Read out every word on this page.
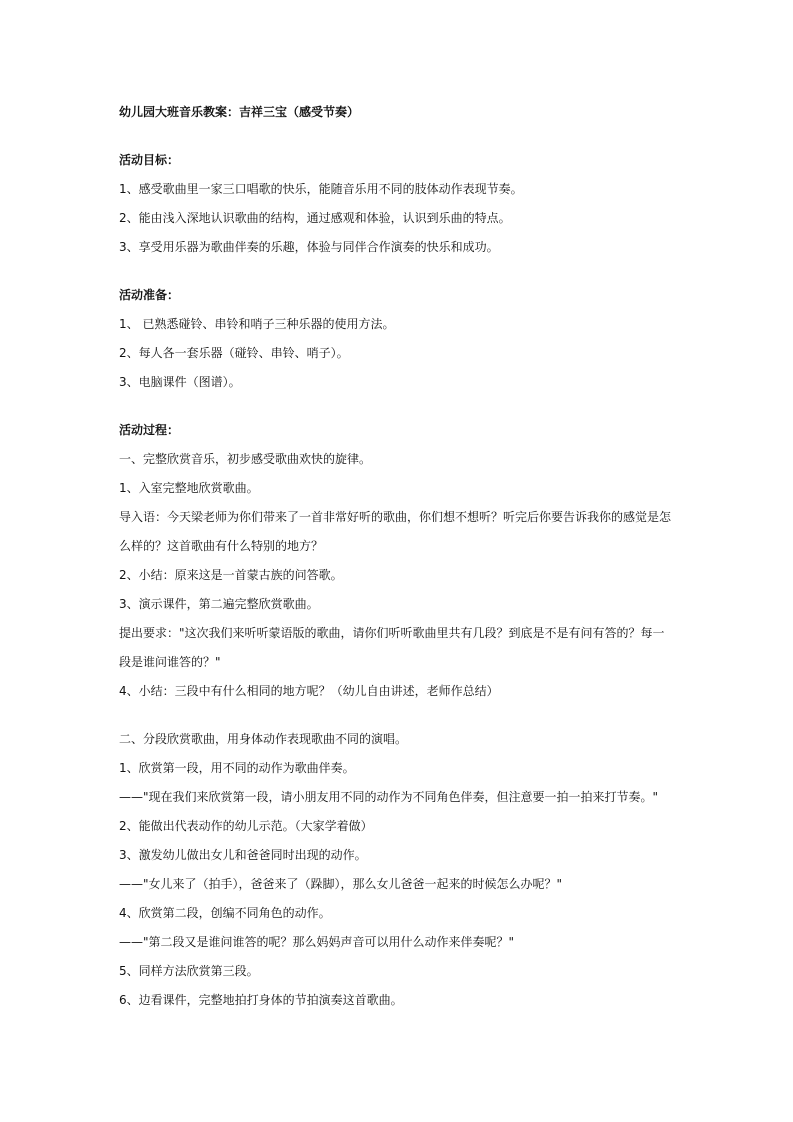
幼儿园大班音乐教案：吉祥三宝（感受节奏）
活动目标：
1、感受歌曲里一家三口唱歌的快乐，能随音乐用不同的肢体动作表现节奏。
2、能由浅入深地认识歌曲的结构，通过感观和体验，认识到乐曲的特点。
3、享受用乐器为歌曲伴奏的乐趣，体验与同伴合作演奏的快乐和成功。
活动准备：
1、 已熟悉碰铃、串铃和哨子三种乐器的使用方法。
2、每人各一套乐器（碰铃、串铃、哨子）。
3、电脑课件（图谱）。
活动过程：
一、完整欣赏音乐，初步感受歌曲欢快的旋律。
1、入室完整地欣赏歌曲。
导入语：今天梁老师为你们带来了一首非常好听的歌曲，你们想不想听？听完后你要告诉我你的感觉是怎
么样的？这首歌曲有什么特别的地方？
2、小结：原来这是一首蒙古族的问答歌。
3、演示课件，第二遍完整欣赏歌曲。
提出要求："这次我们来听听蒙语版的歌曲，请你们听听歌曲里共有几段？到底是不是有问有答的？每一
段是谁问谁答的？"
4、小结：三段中有什么相同的地方呢？（幼儿自由讲述，老师作总结）
二、分段欣赏歌曲，用身体动作表现歌曲不同的演唱。
1、欣赏第一段，用不同的动作为歌曲伴奏。
——"现在我们来欣赏第一段，请小朋友用不同的动作为不同角色伴奏，但注意要一拍一拍来打节奏。"
2、能做出代表动作的幼儿示范。（大家学着做）
3、激发幼儿做出女儿和爸爸同时出现的动作。
——"女儿来了（拍手），爸爸来了（跺脚），那么女儿爸爸一起来的时候怎么办呢？"
4、欣赏第二段，创编不同角色的动作。
——"第二段又是谁问谁答的呢？那么妈妈声音可以用什么动作来伴奏呢？"
5、同样方法欣赏第三段。
6、边看课件，完整地拍打身体的节拍演奏这首歌曲。
